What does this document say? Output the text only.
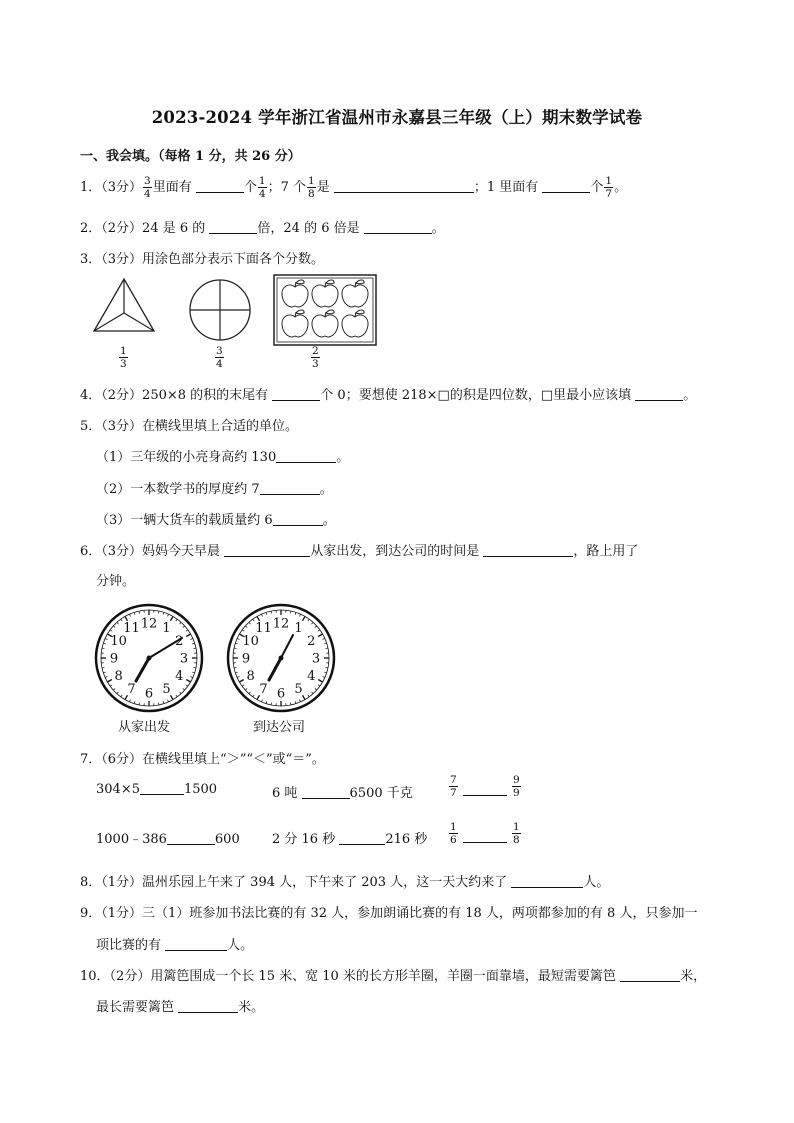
2023-2024 学年浙江省温州市永嘉县三年级（上）期末数学试卷
一、我会填。（每格 1 分，共 26 分）
1．（3分） $\frac{3}{4}$ 里面有	个 $\frac{1}{4}$ ；7 个 $\frac{1}{8}$ 是	；1 里面有	个 $\frac{1}{7}$ 。
2．（2分）24 是 6 的	倍，24 的 6 倍是	。
3．（3分）用涂色部分表示下面各个分数。
$\frac{1}{3}$	$\frac{3}{4}$	$\frac{2}{3}$
4．（2分）250×8 的积的末尾有	个 0；要想使 218×□的积是四位数，□里最小应该填	。
5．（3分）在横线里填上合适的单位。
（1）三年级的小亮身高约 130	。
（2）一本数学书的厚度约 7	。
（3）一辆大货车的载质量约 6	。
6．（3分）妈妈今天早晨	从家出发，到达公司的时间是	，路上用了
分钟。
12 1
2
3
4
5
6
7
8
9
10
11	12 1
2
3
4
5
6
7
8
9
10
11
从家出发	到达公司
7．（6分）在横线里填上“＞”“＜”或“＝”。
304×5	1500	6 吨	6500 千克	$\frac{7}{7}$
	$\frac{9}{9}$
1000﹣386	600 2 分 16 秒	216 秒 $\frac{1}{6}$
	$\frac{1}{8}$
8．（1分）温州乐园上午来了 394 人，下午来了 203 人，这一天大约来了	人。
9．（1分）三（1）班参加书法比赛的有 32 人，参加朗诵比赛的有 18 人，两项都参加的有 8 人，只参加一
项比赛的有	人。
10．（2分）用篱笆围成一个长 15 米、宽 10 米的长方形羊圈，羊圈一面靠墙，最短需要篱笆	米，
最长需要篱笆	米。
